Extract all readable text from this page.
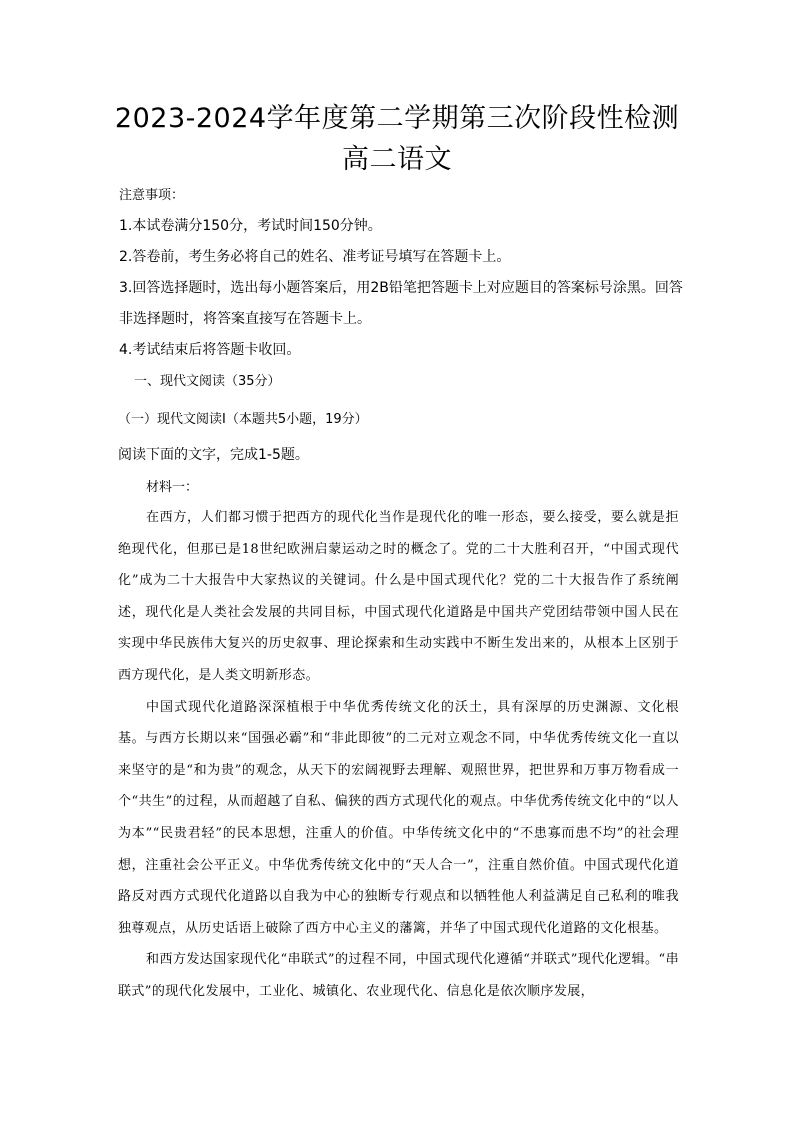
2023-2024学年度第二学期第三次阶段性检测
高二语文

注意事项：

1.本试卷满分150分，考试时间150分钟。

2.答卷前，考生务必将自己的姓名、准考证号填写在答题卡上。

3.回答选择题时，选出每小题答案后，用2B铅笔把答题卡上对应题目的答案标号涂黑。回答非选择题时，将答案直接写在答题卡上。

4.考试结束后将答题卡收回。

一、现代文阅读（35分）
（一）现代文阅读Ⅰ（本题共5小题，19分）
阅读下面的文字，完成1-5题。
材料一：

在西方，人们都习惯于把西方的现代化当作是现代化的唯一形态，要么接受，要么就是拒绝现代化，但那已是18世纪欧洲启蒙运动之时的概念了。党的二十大胜利召开，“中国式现代化”成为二十大报告中大家热议的关键词。什么是中国式现代化？党的二十大报告作了系统阐述，现代化是人类社会发展的共同目标，中国式现代化道路是中国共产党团结带领中国人民在实现中华民族伟大复兴的历史叙事、理论探索和生动实践中不断生发出来的，从根本上区别于西方现代化，是人类文明新形态。

中国式现代化道路深深植根于中华优秀传统文化的沃土，具有深厚的历史渊源、文化根基。与西方长期以来“国强必霸”和“非此即彼”的二元对立观念不同，中华优秀传统文化一直以来坚守的是“和为贵”的观念，从天下的宏阔视野去理解、观照世界，把世界和万事万物看成一个“共生”的过程，从而超越了自私、偏狭的西方式现代化的观点。中华优秀传统文化中的“以人为本”“民贵君轻”的民本思想，注重人的价值。中华传统文化中的“不患寡而患不均”的社会理想，注重社会公平正义。中华优秀传统文化中的“天人合一”，注重自然价值。中国式现代化道路反对西方式现代化道路以自我为中心的独断专行观点和以牺牲他人利益满足自己私利的唯我独尊观点，从历史话语上破除了西方中心主义的藩篱，并华了中国式现代化道路的文化根基。

和西方发达国家现代化“串联式”的过程不同，中国式现代化遵循“并联式”现代化逻辑。“串联式”的现代化发展中，工业化、城镇化、农业现代化、信息化是依次顺序发展，
